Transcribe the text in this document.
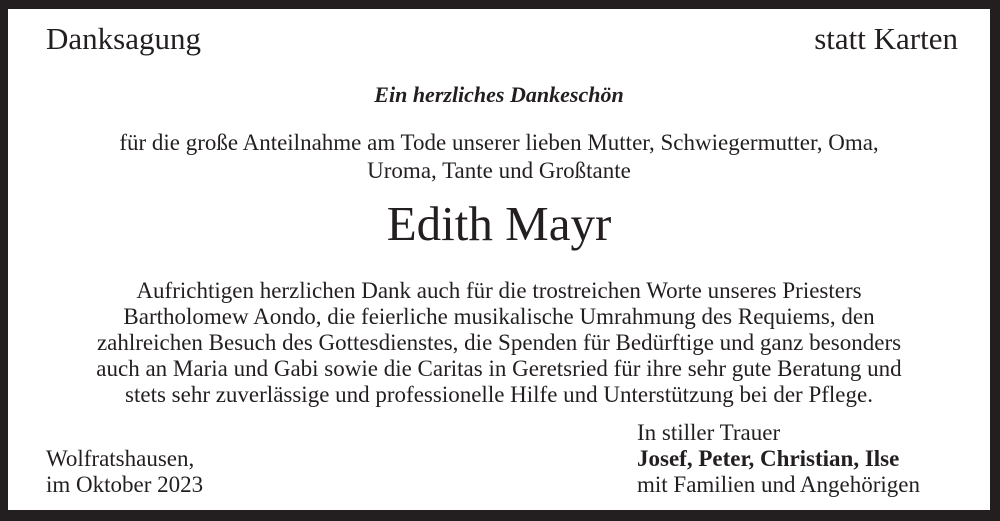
Danksagung	statt Karten
Ein herzliches Dankeschön
für die große Anteilnahme am Tode unserer lieben Mutter, Schwiegermutter, Oma,
Uroma, Tante und Großtante
Edith Mayr
Aufrichtigen herzlichen Dank auch für die trostreichen Worte unseres Priesters
Bartholomew Aondo, die feierliche musikalische Umrahmung des Requiems, den
zahlreichen Besuch des Gottesdienstes, die Spenden für Bedürftige und ganz besonders
auch an Maria und Gabi sowie die Caritas in Geretsried für ihre sehr gute Beratung und
stets sehr zuverlässige und professionelle Hilfe und Unterstützung bei der Pflege.
Wolfratshausen,
im Oktober 2023
In stiller Trauer
Josef, Peter, Christian, Ilse
mit Familien und Angehörigen
